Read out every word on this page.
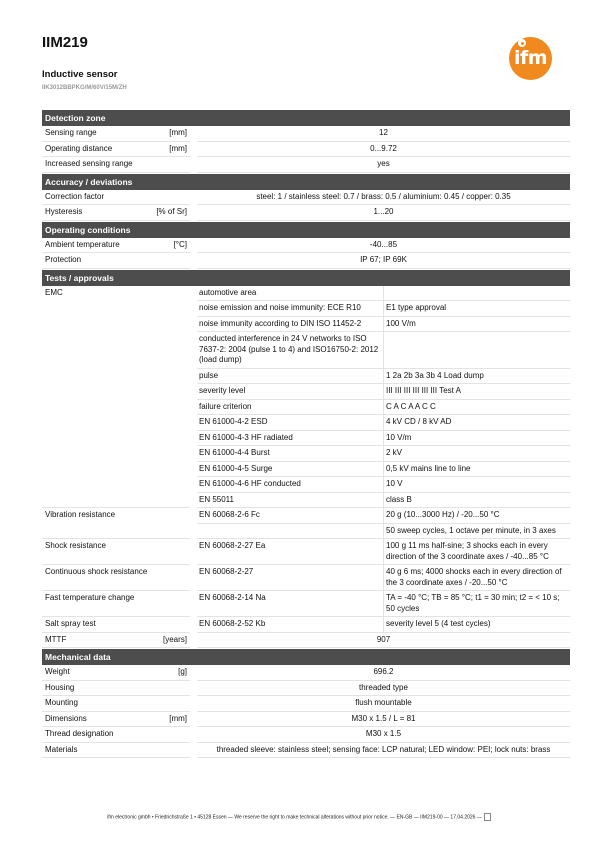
IIM219
Inductive sensor
IIK3012BBPKG/M/60V/15M/ZH
ifm
Detection zone
Sensing range	[mm]	12
Operating distance	[mm]	0...9.72
Increased sensing range	yes
Accuracy / deviations
Correction factor	steel: 1 / stainless steel: 0.7 / brass: 0.5 / aluminium: 0.45 / copper: 0.35
Hysteresis	[% of Sr]	1...20
Operating conditions
Ambient temperature	[°C]	-40...85
Protection	IP 67; IP 69K
Tests / approvals
EMC	automotive area
noise emission and noise immunity: ECE R10	E1 type approval
noise immunity according to DIN ISO 11452-2	100 V/m
conducted interference in 24 V networks to ISO 7637-2: 2004 (pulse 1 to 4) and ISO16750-2: 2012 (load dump)
pulse	1 2a 2b 3a 3b 4 Load dump
severity level	III III III III III III Test A
failure criterion	C A C A A C C
EN 61000-4-2 ESD	4 kV CD / 8 kV AD
EN 61000-4-3 HF radiated	10 V/m
EN 61000-4-4 Burst	2 kV
EN 61000-4-5 Surge	0,5 kV mains line to line
EN 61000-4-6 HF conducted	10 V
EN 55011	class B
Vibration resistance	EN 60068-2-6 Fc	20 g (10...3000 Hz) / -20...50 °C
50 sweep cycles, 1 octave per minute, in 3 axes
Shock resistance	EN 60068-2-27 Ea	100 g 11 ms half-sine; 3 shocks each in every direction of the 3 coordinate axes / -40...85 °C
Continuous shock resistance	EN 60068-2-27	40 g 6 ms; 4000 shocks each in every direction of the 3 coordinate axes / -20...50 °C
Fast temperature change	EN 60068-2-14 Na	TA = -40 °C; TB = 85 °C; t1 = 30 min; t2 = < 10 s; 50 cycles
Salt spray test	EN 60068-2-52 Kb	severity level 5 (4 test cycles)
MTTF	[years]	907
Mechanical data
Weight	[g]	696.2
Housing	threaded type
Mounting	flush mountable
Dimensions	[mm]	M30 x 1.5 / L = 81
Thread designation	M30 x 1.5
Materials	threaded sleeve: stainless steel; sensing face: LCP natural; LED window: PEI; lock nuts: brass
ifm electronic gmbh • Friedrichstraße 1 • 45128 Essen — We reserve the right to make technical alterations without prior notice. — EN-GB — IIM219-00 — 17.04.2026 —
